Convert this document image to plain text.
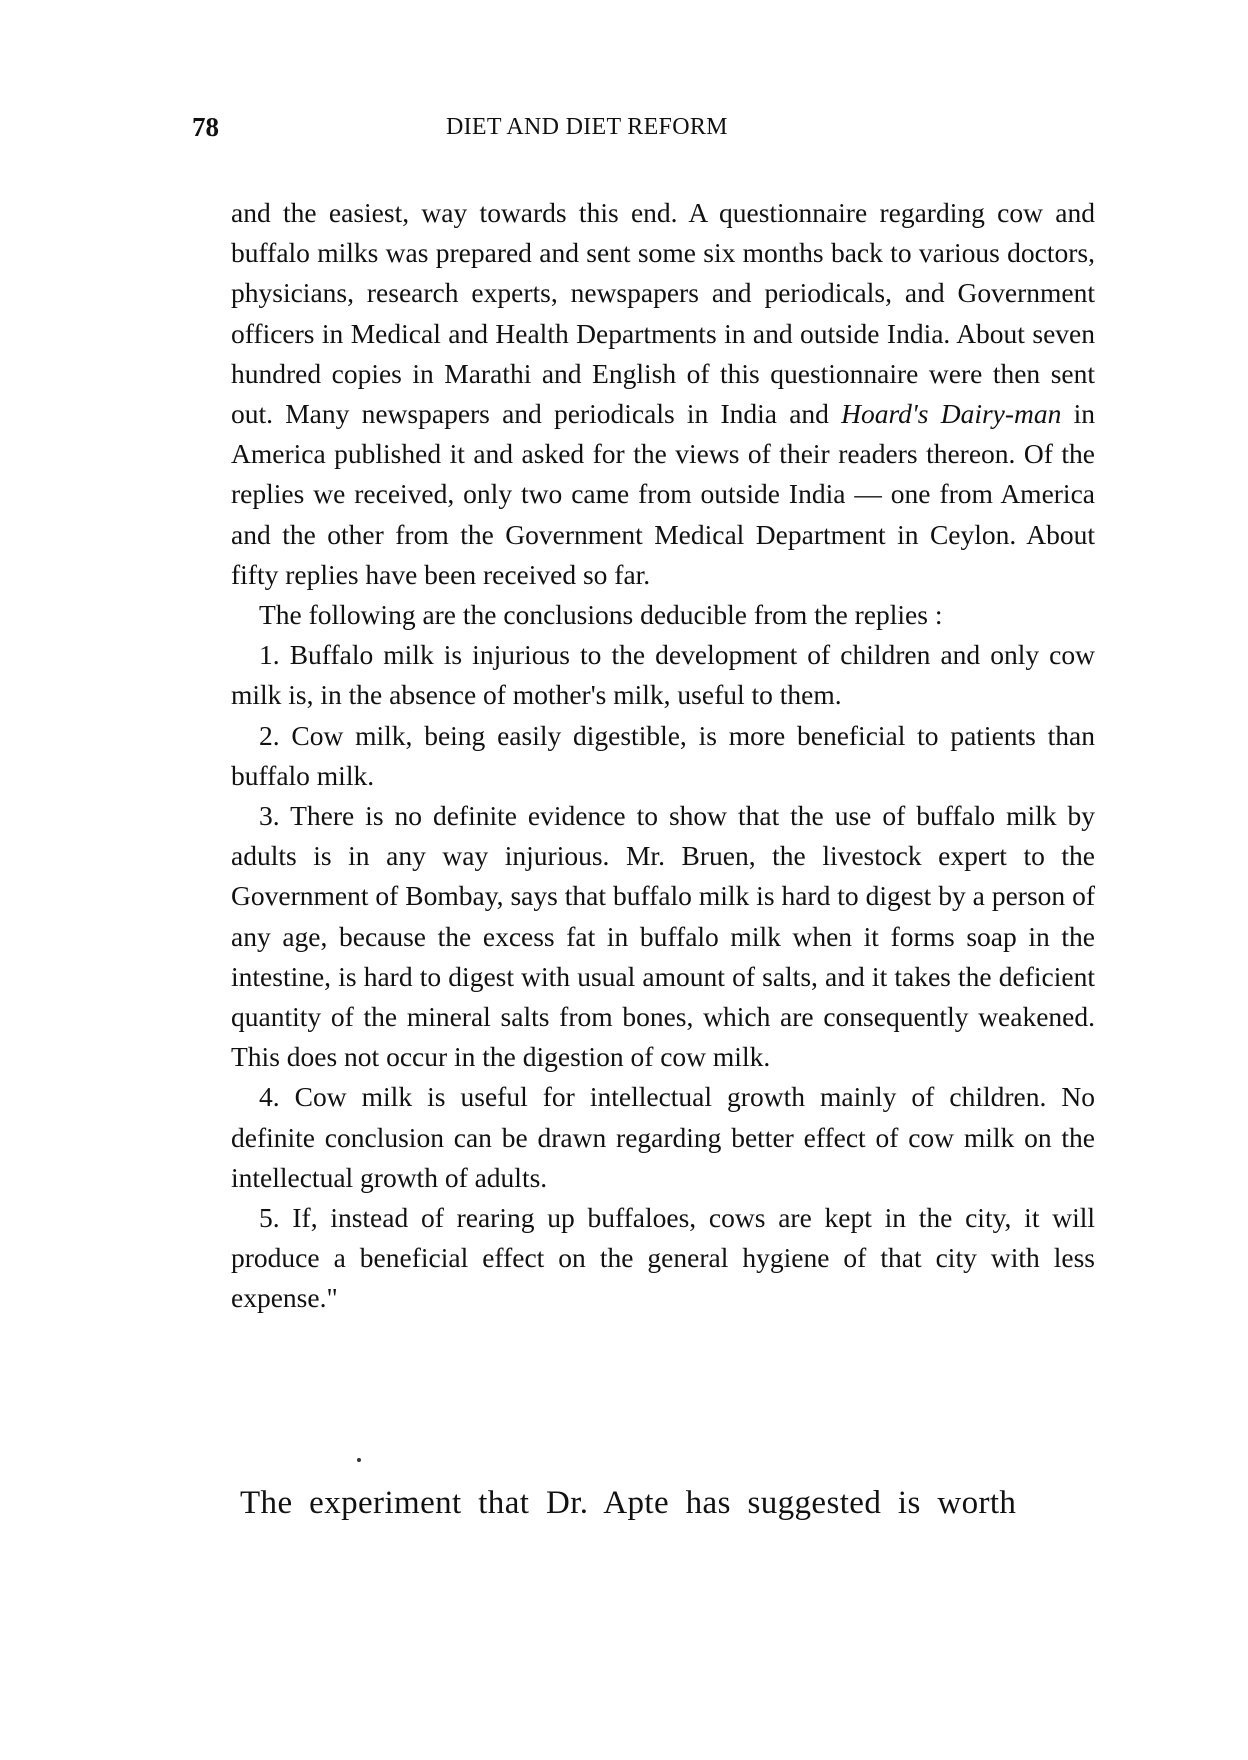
78	DIET AND DIET REFORM

and the easiest, way towards this end. A questionnaire regarding cow and buffalo milks was prepared and sent some six months back to various doctors, physicians, research experts, newspapers and periodicals, and Government officers in Medical and Health Departments in and outside India. About seven hundred copies in Marathi and English of this questionnaire were then sent out. Many newspapers and periodicals in India and Hoard's Dairy-man in America published it and asked for the views of their readers thereon. Of the replies we received, only two came from outside India — one from America and the other from the Government Medical Department in Ceylon. About fifty replies have been received so far.

The following are the conclusions deducible from the replies :

1. Buffalo milk is injurious to the development of children and only cow milk is, in the absence of mother's milk, useful to them.

2. Cow milk, being easily digestible, is more beneficial to patients than buffalo milk.

3. There is no definite evidence to show that the use of buffalo milk by adults is in any way injurious. Mr. Bruen, the livestock expert to the Government of Bombay, says that buffalo milk is hard to digest by a person of any age, because the excess fat in buffalo milk when it forms soap in the intestine, is hard to digest with usual amount of salts, and it takes the deficient quantity of the mineral salts from bones, which are consequently weakened. This does not occur in the digestion of cow milk.

4. Cow milk is useful for intellectual growth mainly of children. No definite conclusion can be drawn regarding better effect of cow milk on the intellectual growth of adults.

5. If, instead of rearing up buffaloes, cows are kept in the city, it will produce a beneficial effect on the general hygiene of that city with less expense."

The experiment that Dr. Apte has suggested is worth
